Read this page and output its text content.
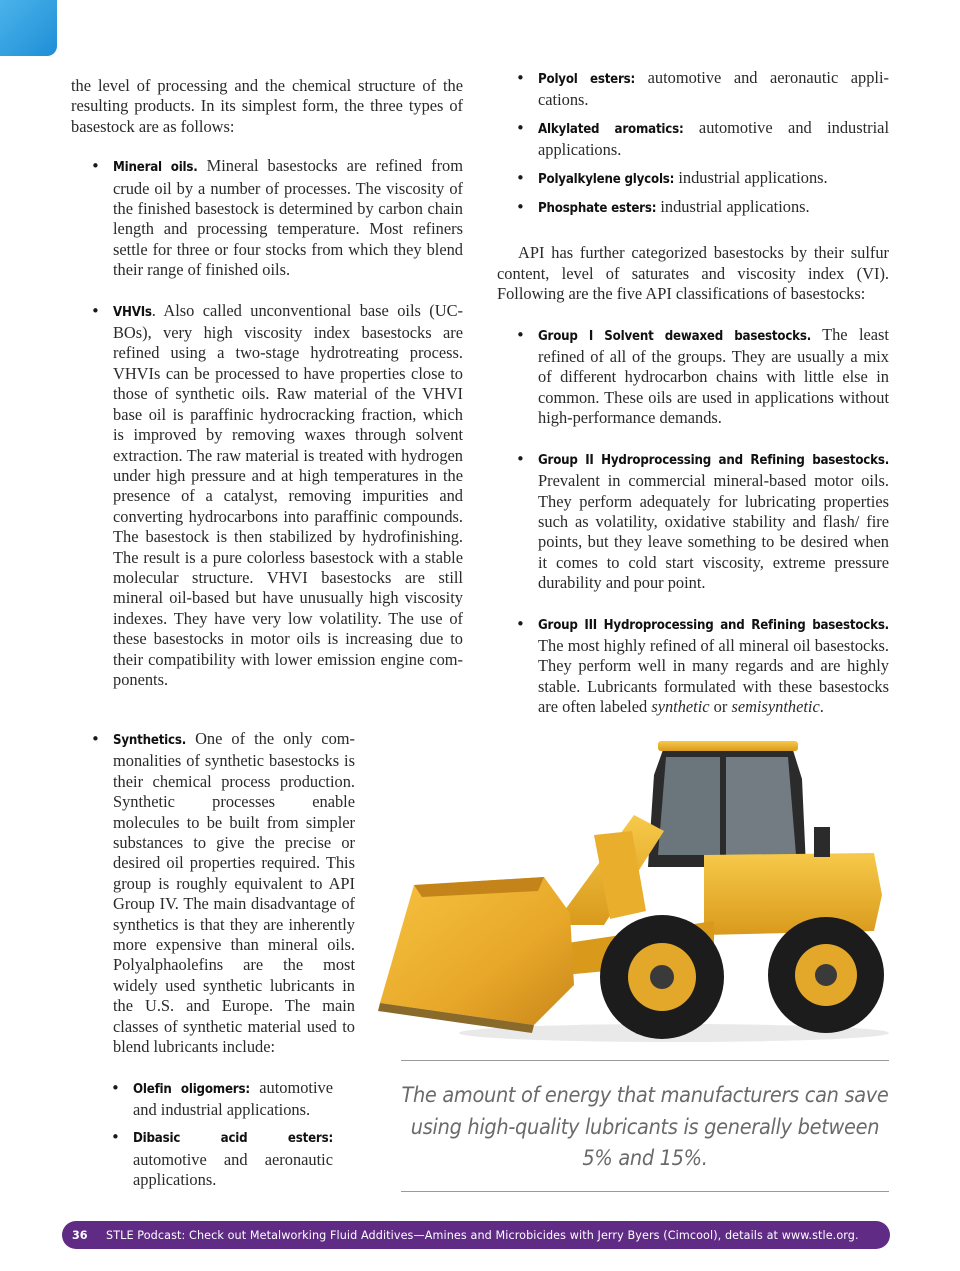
the level of processing and the chemical structure of the resulting products. In its simplest form, the three types of basestock are as follows:

• Mineral oils. Mineral basestocks are refined from crude oil by a number of processes. The viscosity of the finished basestock is determined by carbon chain length and processing temperature. Most refiners settle for three or four stocks from which they blend their range of finished oils.
• VHVIs. Also called unconventional base oils (UCBOs), very high viscosity index basestocks are refined using a two-stage hydrotreating process. VHVIs can be processed to have properties close to those of synthetic oils. Raw material of the VHVI base oil is paraffinic hydrocracking fraction, which is improved by removing waxes through solvent extraction. The raw material is treated with hydrogen under high pressure and at high temperatures in the presence of a catalyst, removing impurities and converting hydrocarbons into paraffinic compounds. The basestock is then stabilized by hydrofinishing. The result is a pure colorless basestock with a stable molecular structure. VHVI basestocks are still mineral oil-based but have unusually high viscosity indexes. They have very low volatility. The use of these basestocks in motor oils is increasing due to their compatibility with lower emission engine components.
• Synthetics. One of the only commonalities of synthetic basestocks is their chemical process production. Synthetic processes enable molecules to be built from simpler substances to give the precise or desired oil properties required. This group is roughly equivalent to API Group IV. The main disadvantage of synthetics is that they are inherently more expensive than mineral oils. Polyalphaolefins are the most widely used synthetic lubricants in the U.S. and Europe. The main classes of synthetic material used to blend lubricants include:
• Olefin oligomers: automotive and industrial applications.
• Dibasic acid esters: automotive and aeronautic applications.
• Polyol esters: automotive and aeronautic applications.
• Alkylated aromatics: automotive and industrial applications.
• Polyalkylene glycols: industrial applications.
• Phosphate esters: industrial applications.

API has further categorized basestocks by their sulfur content, level of saturates and viscosity index (VI). Following are the five API classifications of basestocks:

• Group I Solvent dewaxed basestocks. The least refined of all of the groups. They are usually a mix of different hydrocarbon chains with little else in common. These oils are used in applications without high-performance demands.
• Group II Hydroprocessing and Refining basestocks. Prevalent in commercial mineral-based motor oils. They perform adequately for lubricating properties such as volatility, oxidative stability and flash/ fire points, but they leave something to be desired when it comes to cold start viscosity, extreme pressure durability and pour point.
• Group III Hydroprocessing and Refining basestocks. The most highly refined of all mineral oil basestocks. They perform well in many regards and are highly stable. Lubricants formulated with these basestocks are often labeled synthetic or semisynthetic.
The amount of energy that manufacturers can save using high-quality lubricants is generally between 5% and 15%.
36	STLE Podcast: Check out Metalworking Fluid Additives—Amines and Microbicides with Jerry Byers (Cimcool), details at www.stle.org.
